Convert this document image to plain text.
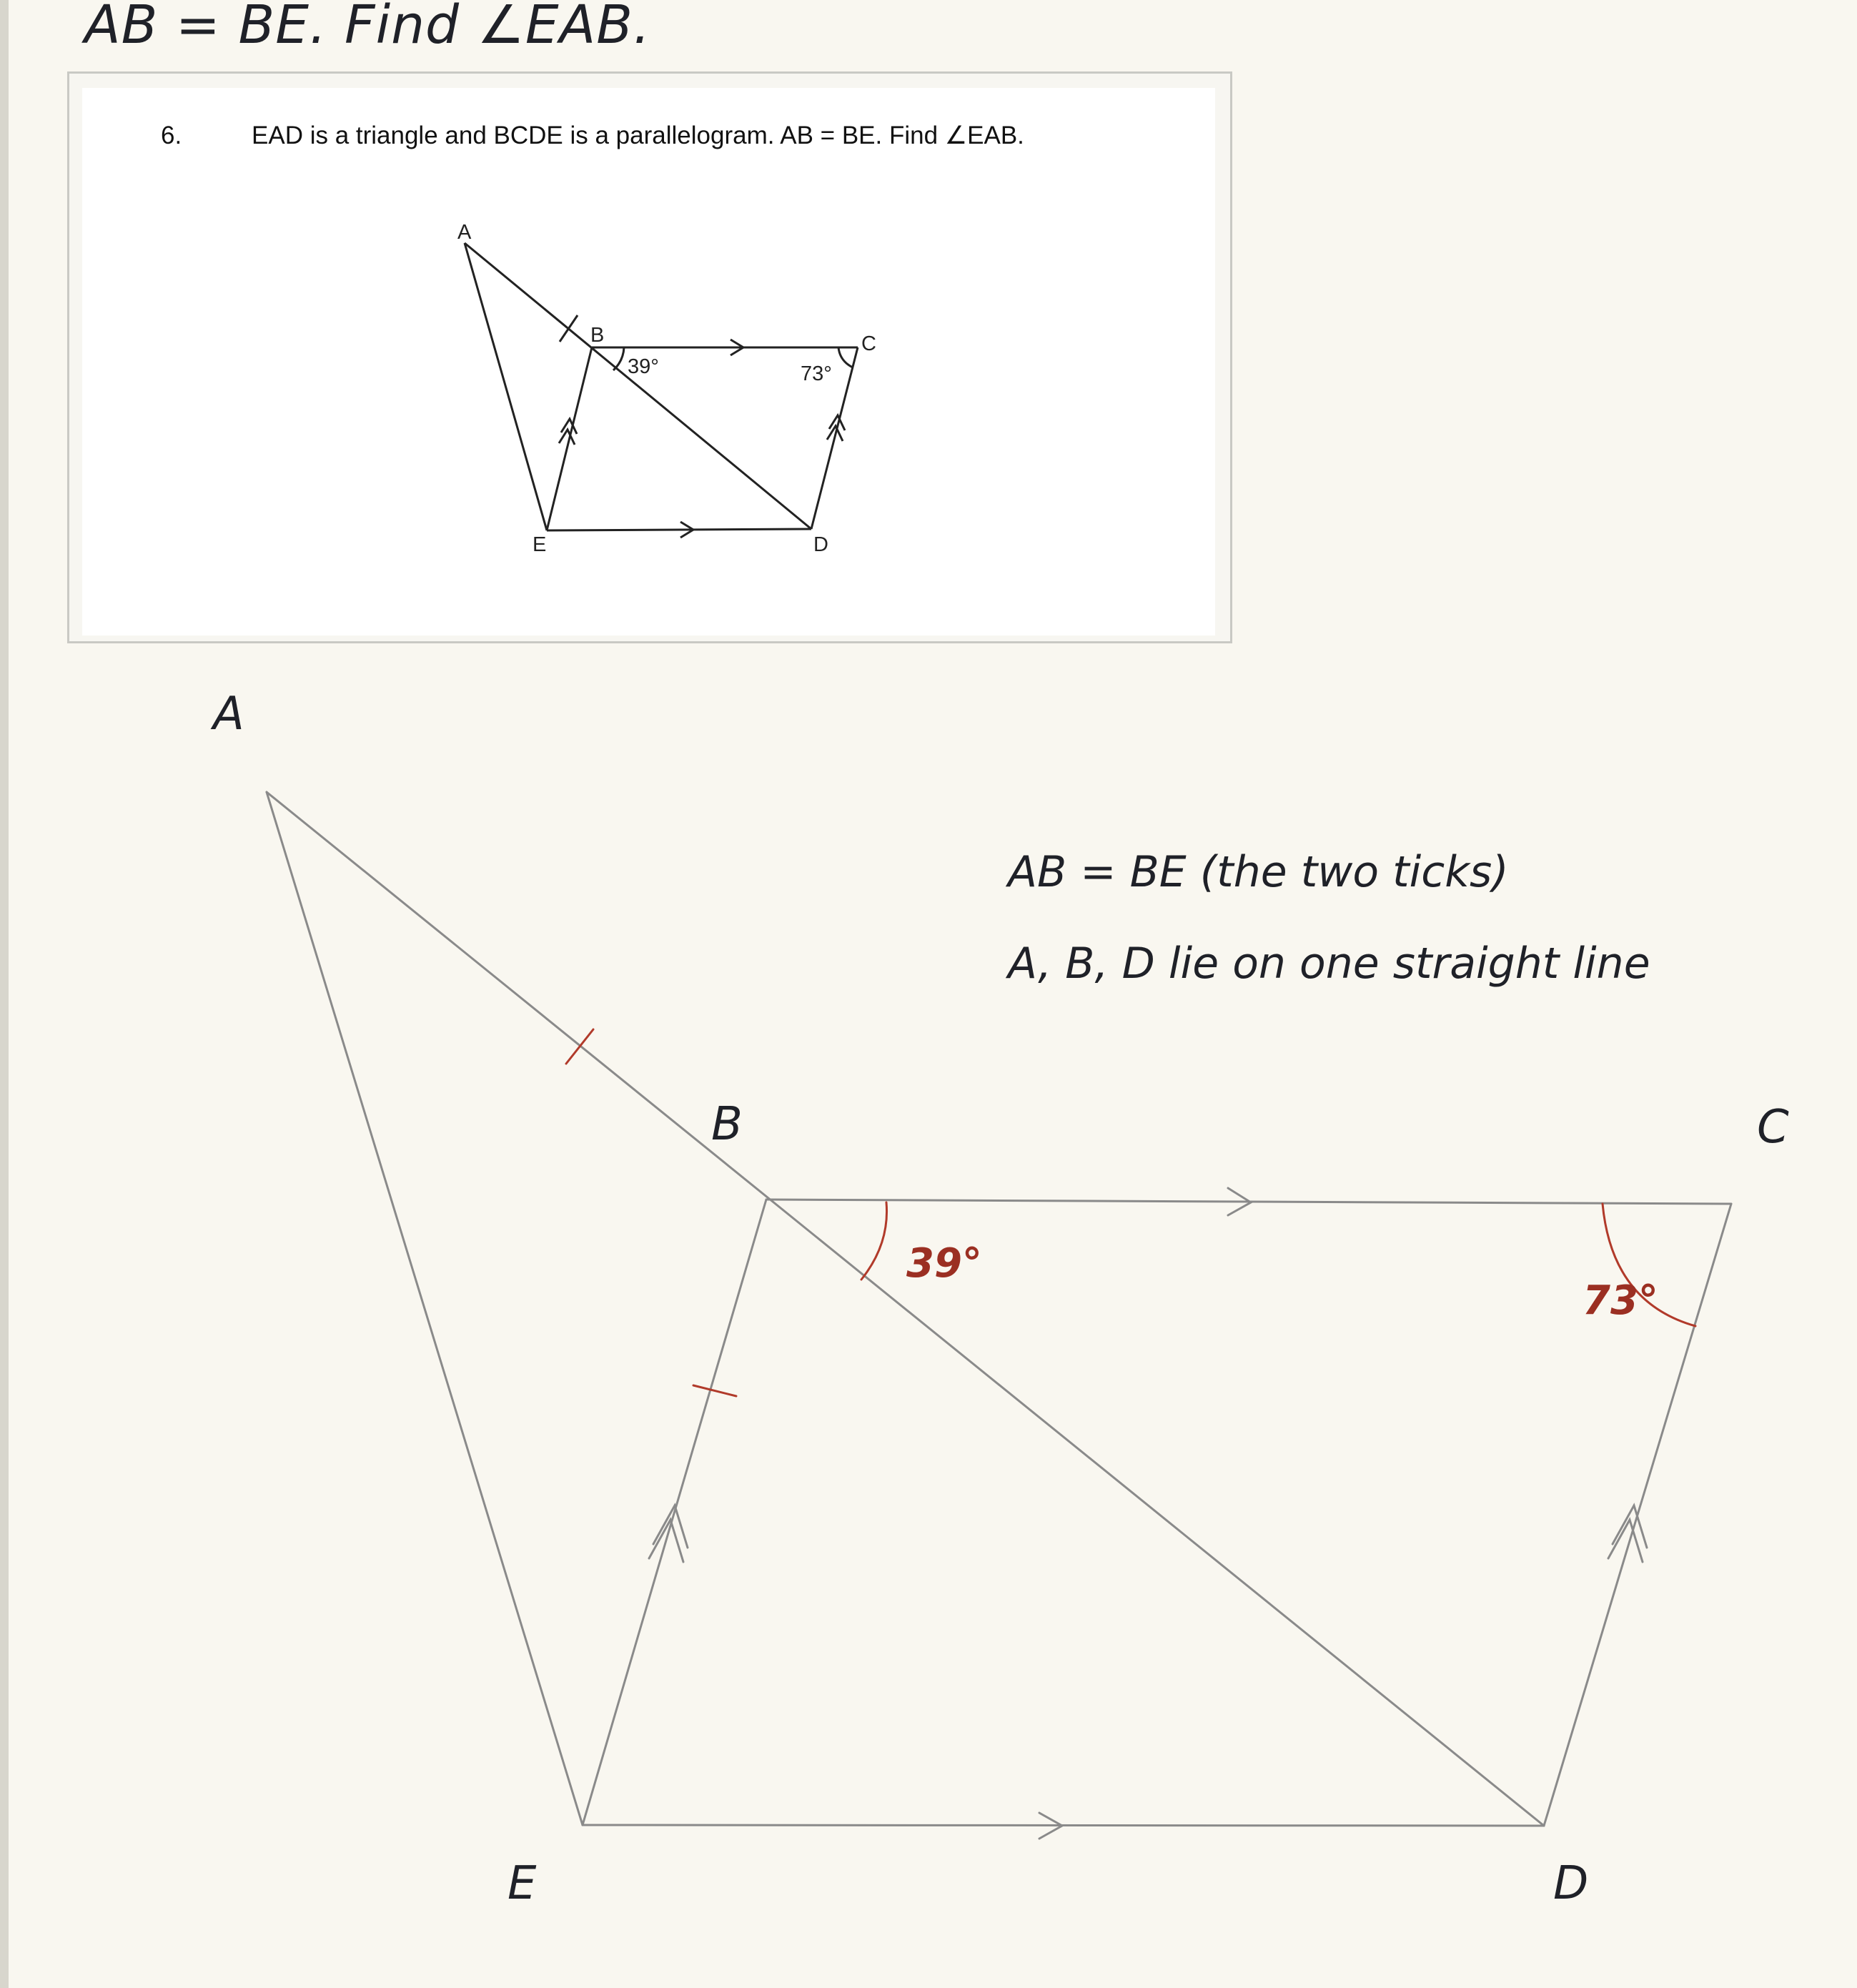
AB = BE. Find ∠EAB.
6.	EAD is a triangle and BCDE is a parallelogram. AB = BE. Find ∠EAB.
A
B	C
D
E
39°	73°
A
B	C
D
E
39°
73°
AB = BE (the two ticks)
A, B, D lie on one straight line
